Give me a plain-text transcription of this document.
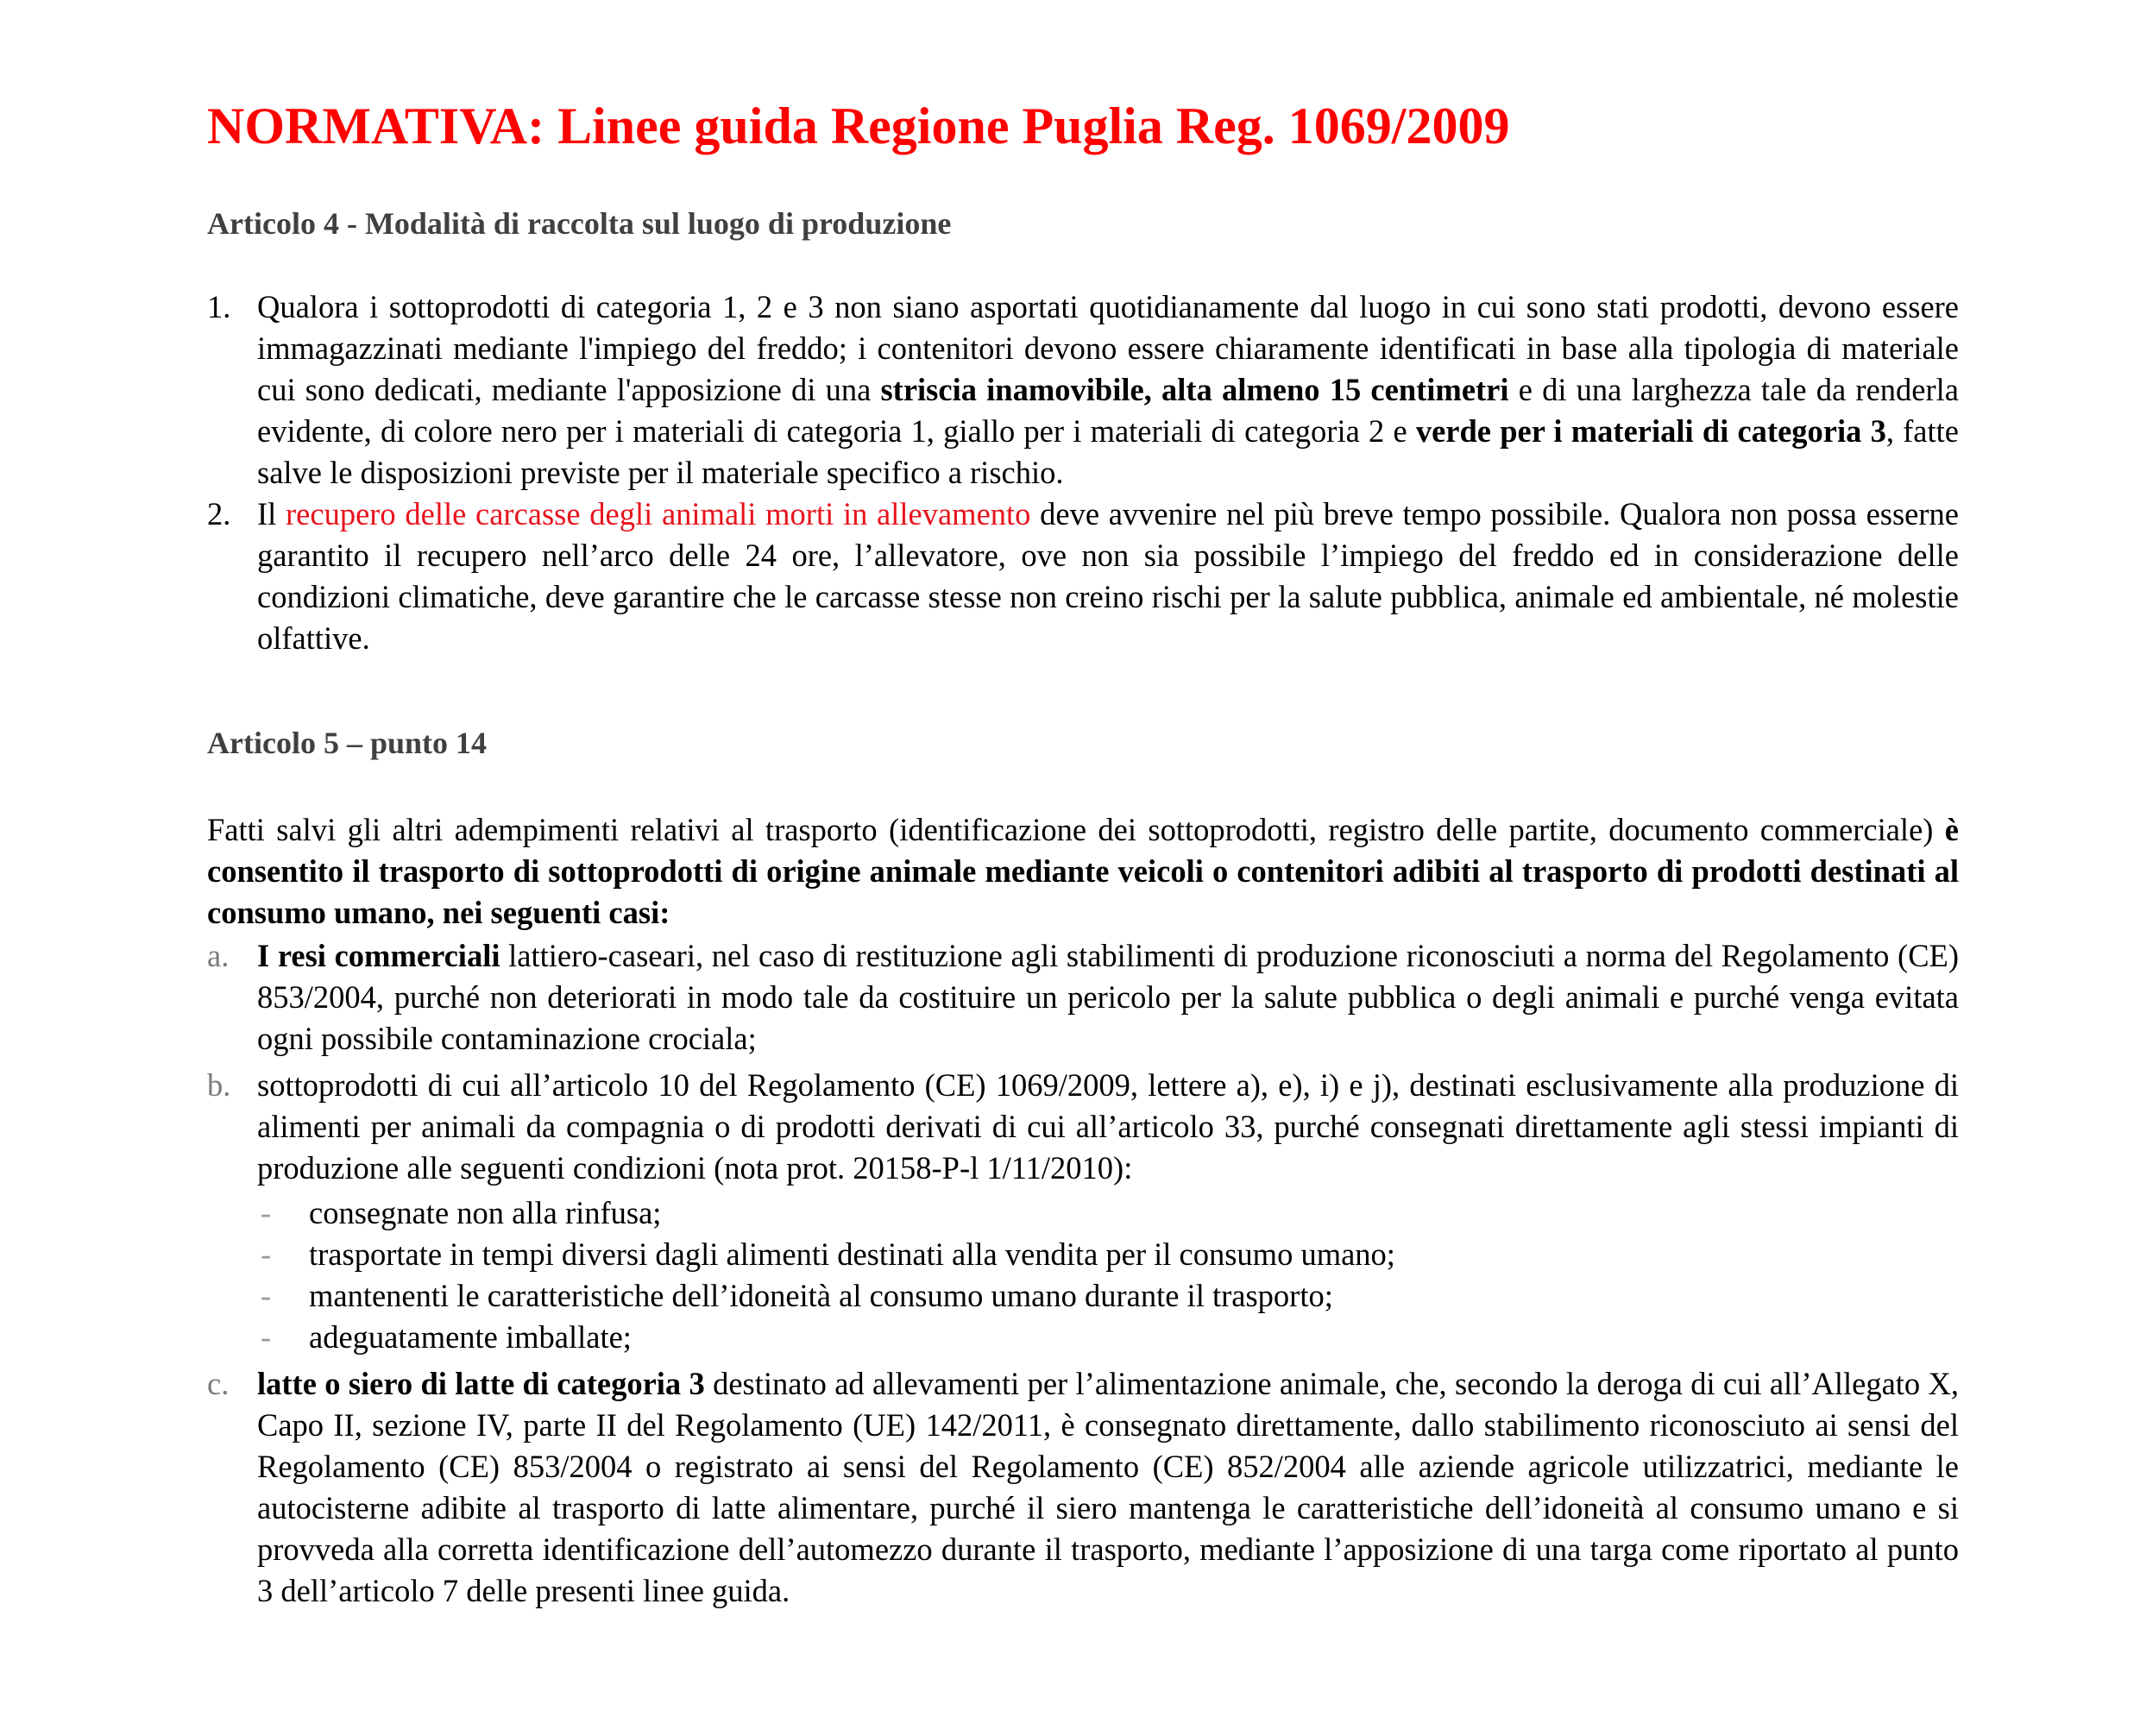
NORMATIVA: Linee guida Regione Puglia Reg. 1069/2009
Articolo 4 - Modalità di raccolta sul luogo di produzione
1. Qualora i sottoprodotti di categoria 1, 2 e 3 non siano asportati quotidianamente dal luogo in cui sono stati prodotti, devono essere immagazzinati mediante l'impiego del freddo; i contenitori devono essere chiaramente identificati in base alla tipologia di materiale cui sono dedicati, mediante l'apposizione di una striscia inamovibile, alta almeno 15 centimetri e di una larghezza tale da renderla evidente, di colore nero per i materiali di categoria 1, giallo per i materiali di categoria 2 e verde per i materiali di categoria 3, fatte salve le disposizioni previste per il materiale specifico a rischio.
2. Il recupero delle carcasse degli animali morti in allevamento deve avvenire nel più breve tempo possibile. Qualora non possa esserne garantito il recupero nell’arco delle 24 ore, l’allevatore, ove non sia possibile l’impiego del freddo ed in considerazione delle condizioni climatiche, deve garantire che le carcasse stesse non creino rischi per la salute pubblica, animale ed ambientale, né molestie olfattive.
Articolo 5 – punto 14
Fatti salvi gli altri adempimenti relativi al trasporto (identificazione dei sottoprodotti, registro delle partite, documento commerciale) è consentito il trasporto di sottoprodotti di origine animale mediante veicoli o contenitori adibiti al trasporto di prodotti destinati al consumo umano, nei seguenti casi:
a. I resi commerciali lattiero-caseari, nel caso di restituzione agli stabilimenti di produzione riconosciuti a norma del Regolamento (CE) 853/2004, purché non deteriorati in modo tale da costituire un pericolo per la salute pubblica o degli animali e purché venga evitata ogni possibile contaminazione crociala;
b. sottoprodotti di cui all’articolo 10 del Regolamento (CE) 1069/2009, lettere a), e), i) e j), destinati esclusivamente alla produzione di alimenti per animali da compagnia o di prodotti derivati di cui all’articolo 33, purché consegnati direttamente agli stessi impianti di produzione alle seguenti condizioni (nota prot. 20158-P-l 1/11/2010):
- consegnate non alla rinfusa;
- trasportate in tempi diversi dagli alimenti destinati alla vendita per il consumo umano;
- mantenenti le caratteristiche dell’idoneità al consumo umano durante il trasporto;
- adeguatamente imballate;
c. latte o siero di latte di categoria 3 destinato ad allevamenti per l’alimentazione animale, che, secondo la deroga di cui all’Allegato X, Capo II, sezione IV, parte II del Regolamento (UE) 142/2011, è consegnato direttamente, dallo stabilimento riconosciuto ai sensi del Regolamento (CE) 853/2004 o registrato ai sensi del Regolamento (CE) 852/2004 alle aziende agricole utilizzatrici, mediante le autocisterne adibite al trasporto di latte alimentare, purché il siero mantenga le caratteristiche dell’idoneità al consumo umano e si provveda alla corretta identificazione dell’automezzo durante il trasporto, mediante l’apposizione di una targa come riportato al punto 3 dell’articolo 7 delle presenti linee guida.
